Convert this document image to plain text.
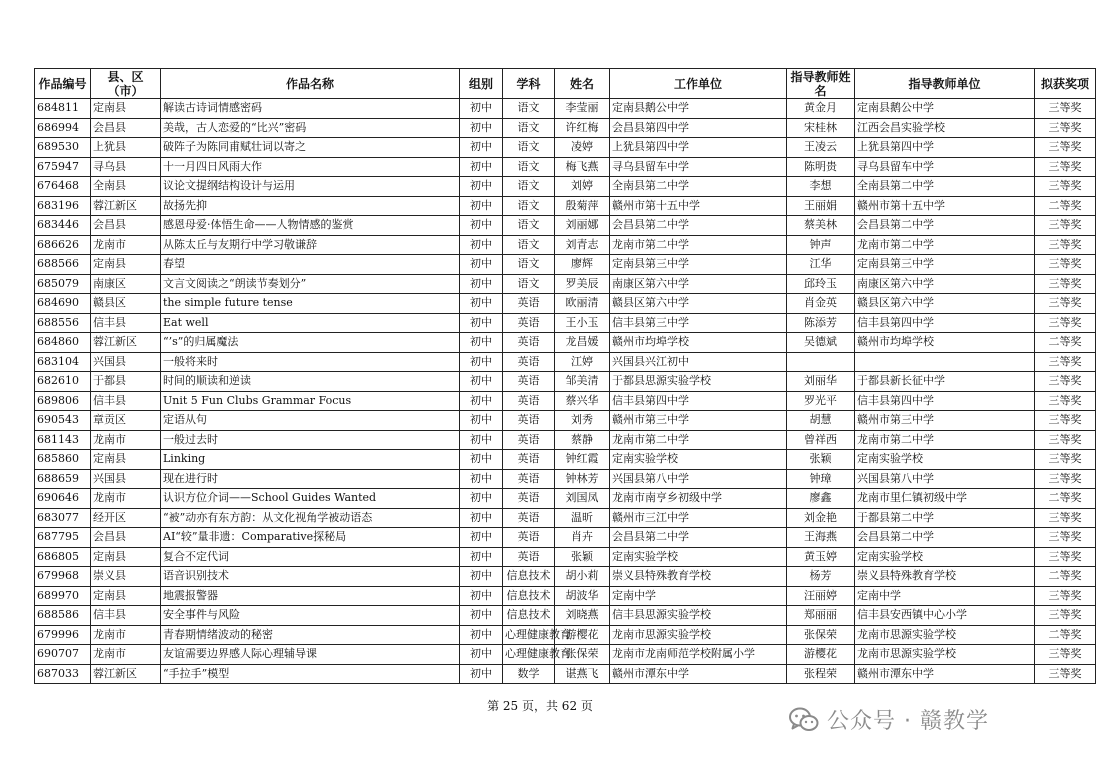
作品编号	县、区（市）	作品名称	组别	学科	姓名	工作单位	指导教师姓名	指导教师单位	拟获奖项
684811	定南县	解读古诗词情感密码	初中	语文	李莹丽	定南县鹅公中学	黄金月	定南县鹅公中学	三等奖
686994	会昌县	美哉，古人恋爱的“比兴”密码	初中	语文	许红梅	会昌县第四中学	宋桂林	江西会昌实验学校	三等奖
689530	上犹县	破阵子为陈同甫赋壮词以寄之	初中	语文	凌婷	上犹县第四中学	王凌云	上犹县第四中学	三等奖
675947	寻乌县	十一月四日风雨大作	初中	语文	梅飞燕	寻乌县留车中学	陈明贵	寻乌县留车中学	三等奖
676468	全南县	议论文提纲结构设计与运用	初中	语文	刘婷	全南县第二中学	李想	全南县第二中学	三等奖
683196	蓉江新区	故扬先抑	初中	语文	殷菊萍	赣州市第十五中学	王丽娟	赣州市第十五中学	二等奖
683446	会昌县	感恩母爱·体悟生命——人物情感的鉴赏	初中	语文	刘丽娜	会昌县第二中学	蔡美林	会昌县第二中学	三等奖
686626	龙南市	从陈太丘与友期行中学习敬谦辞	初中	语文	刘青志	龙南市第二中学	钟声	龙南市第二中学	三等奖
688566	定南县	春望	初中	语文	廖辉	定南县第三中学	江华	定南县第三中学	三等奖
685079	南康区	文言文阅读之“朗读节奏划分”	初中	语文	罗美辰	南康区第六中学	邱玲玉	南康区第六中学	三等奖
684690	赣县区	the simple future tense	初中	英语	欧丽清	赣县区第六中学	肖金英	赣县区第六中学	三等奖
688556	信丰县	Eat well	初中	英语	王小玉	信丰县第三中学	陈添芳	信丰县第四中学	三等奖
684860	蓉江新区	“’s”的归属魔法	初中	英语	龙昌媛	赣州市均埠学校	吴德斌	赣州市均埠学校	二等奖
683104	兴国县	一般将来时	初中	英语	江婷	兴国县兴江初中			三等奖
682610	于都县	时间的顺读和逆读	初中	英语	邹美清	于都县思源实验学校	刘丽华	于都县新长征中学	三等奖
689806	信丰县	Unit 5 Fun Clubs Grammar Focus	初中	英语	蔡兴华	信丰县第四中学	罗光平	信丰县第四中学	三等奖
690543	章贡区	定语从句	初中	英语	刘秀	赣州市第三中学	胡慧	赣州市第三中学	三等奖
681143	龙南市	一般过去时	初中	英语	蔡静	龙南市第二中学	曾祥西	龙南市第二中学	三等奖
685860	定南县	Linking	初中	英语	钟红霞	定南实验学校	张颖	定南实验学校	三等奖
688659	兴国县	现在进行时	初中	英语	钟林芳	兴国县第八中学	钟璋	兴国县第八中学	三等奖
690646	龙南市	认识方位介词——School Guides Wanted	初中	英语	刘国凤	龙南市南亨乡初级中学	廖鑫	龙南市里仁镇初级中学	二等奖
683077	经开区	“被”动亦有东方韵：从文化视角学被动语态	初中	英语	温昕	赣州市三江中学	刘金艳	于都县第二中学	三等奖
687795	会昌县	AI“较”量非遗：Comparative探秘局	初中	英语	肖卉	会昌县第二中学	王海燕	会昌县第二中学	三等奖
686805	定南县	复合不定代词	初中	英语	张颖	定南实验学校	黄玉婷	定南实验学校	三等奖
679968	崇义县	语音识别技术	初中	信息技术	胡小莉	崇义县特殊教育学校	杨芳	崇义县特殊教育学校	二等奖
689970	定南县	地震报警器	初中	信息技术	胡波华	定南中学	汪丽婷	定南中学	三等奖
688586	信丰县	安全事件与风险	初中	信息技术	刘晓燕	信丰县思源实验学校	郑丽丽	信丰县安西镇中心小学	三等奖
679996	龙南市	青春期情绪波动的秘密	初中	心理健康教育	游樱花	龙南市思源实验学校	张保荣	龙南市思源实验学校	二等奖
690707	龙南市	友谊需要边界感人际心理辅导课	初中	心理健康教育	张保荣	龙南市龙南师范学校附属小学	游樱花	龙南市思源实验学校	三等奖
687033	蓉江新区	“手拉手”模型	初中	数学	谌燕飞	赣州市潭东中学	张程荣	赣州市潭东中学	三等奖
第 25 页，共 62 页
公众号 · 赣教学
